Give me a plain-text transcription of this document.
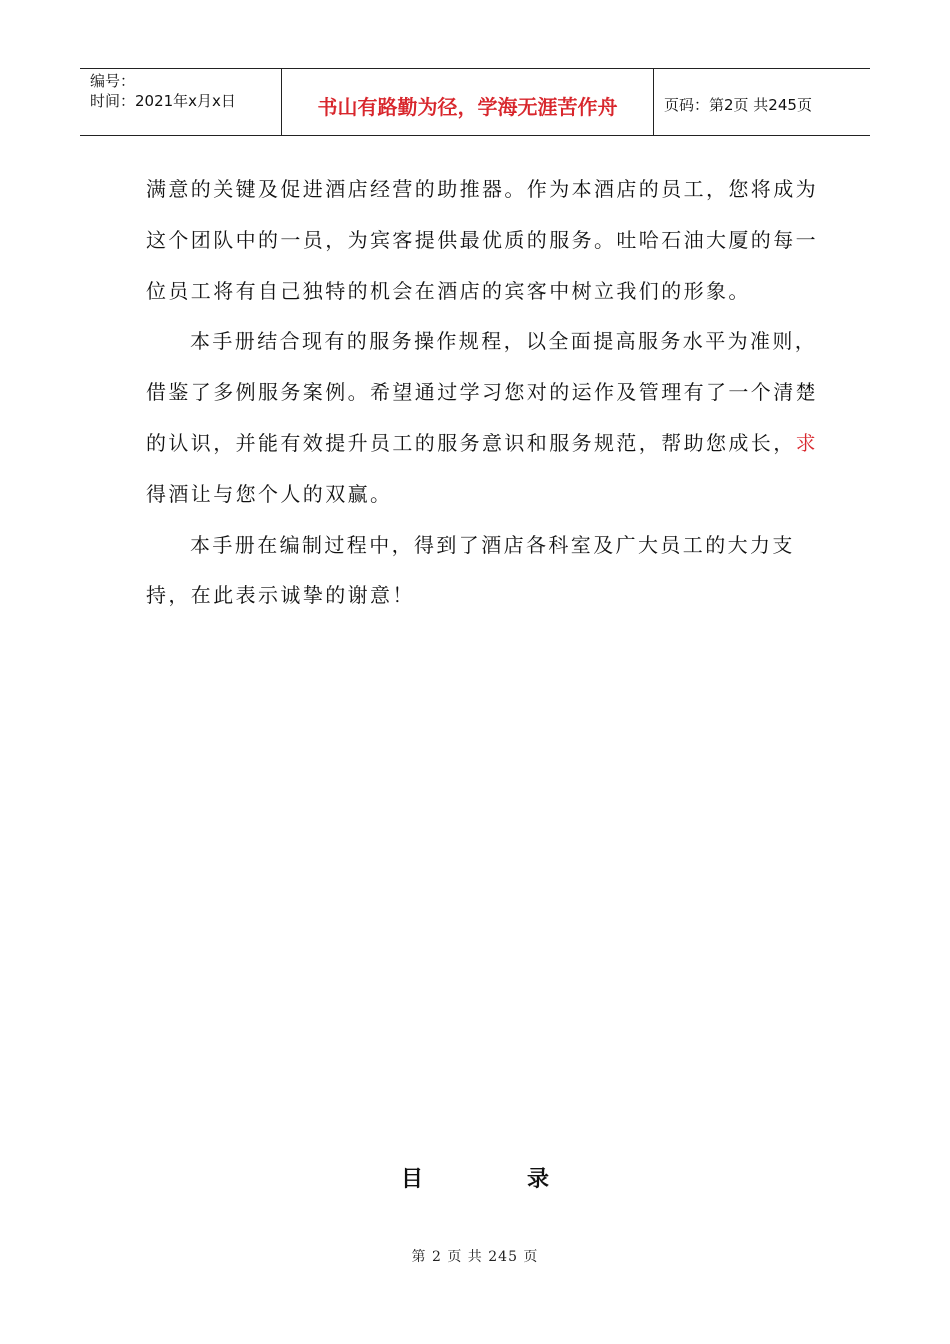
编号：
时间：2021年x月x日	书山有路勤为径，学海无涯苦作舟	页码：第2页 共245页

满意的关键及促进酒店经营的助推器。作为本酒店的员工，您将成为这个团队中的一员，为宾客提供最优质的服务。吐哈石油大厦的每一位员工将有自己独特的机会在酒店的宾客中树立我们的形象。

本手册结合现有的服务操作规程，以全面提高服务水平为准则，借鉴了多例服务案例。希望通过学习您对的运作及管理有了一个清楚的认识，并能有效提升员工的服务意识和服务规范，帮助您成长，求得酒让与您个人的双赢。

本手册在编制过程中，得到了酒店各科室及广大员工的大力支持，在此表示诚挚的谢意！

目	录
第 2 页 共 245 页
